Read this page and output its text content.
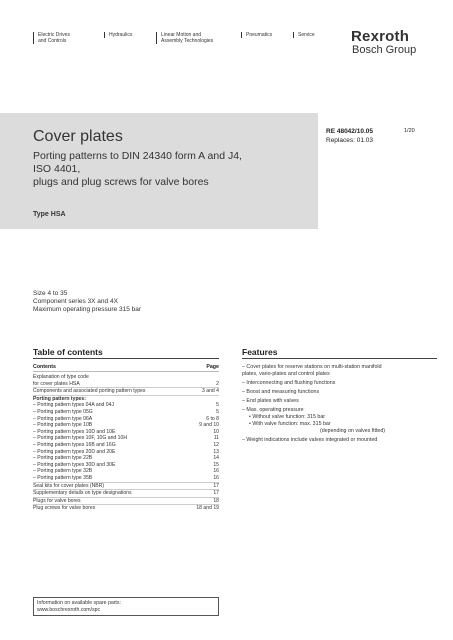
Electric Drives
and Controls
Hydraulics	Linear Motion and
Assembly Technologies
Pneumatics	Service Rexroth
Bosch Group
Cover plates
Porting patterns to DIN 24340 form A and J4,
ISO 4401,
plugs and plug screws for valve bores
Type HSA
RE 48042/10.05
Replaces: 01.03
1/20
Size 4 to 35
Component series 3X and 4X
Maximum operating pressure 315 bar
Table of contents	Features
Contents	Page
Explanation of type code
for cover plates HSA	2
Components and associated porting pattern types	3 and 4
Porting pattern types:
– Porting pattern types 04A and 04J	5
– Porting pattern type 05G	5
– Porting pattern type 06A	6 to 8
– Porting pattern type 10B	9 and 10
– Porting pattern types 10D and 10E	10
– Porting pattern types 10F, 10G and 10H	11
– Porting pattern types 16B and 16G	12
– Porting pattern types 20D and 20E	13
– Porting pattern type 22B	14
– Porting pattern types 30D and 30E	15
– Porting pattern type 32B	16
– Porting pattern type 35B	16
Seal kits for cover plates (NBR)	17
Supplementary details on type designations	17
Plugs for valve bores	18
Plug screws for valve bores	18 and 19
Information on available spare parts:
www.boschrexroth.com/spc
– Cover plates for reserve stations on multi-station manifold
plates, vario-plates and control plates
– Interconnecting and flushing functions
– Boost and measuring functions
– End plates with valves
– Max. operating pressure
• Without valve function: 315 bar
• With valve function: max. 315 bar
(depending on valves fitted)
– Weight indications include valves integrated or mounted
